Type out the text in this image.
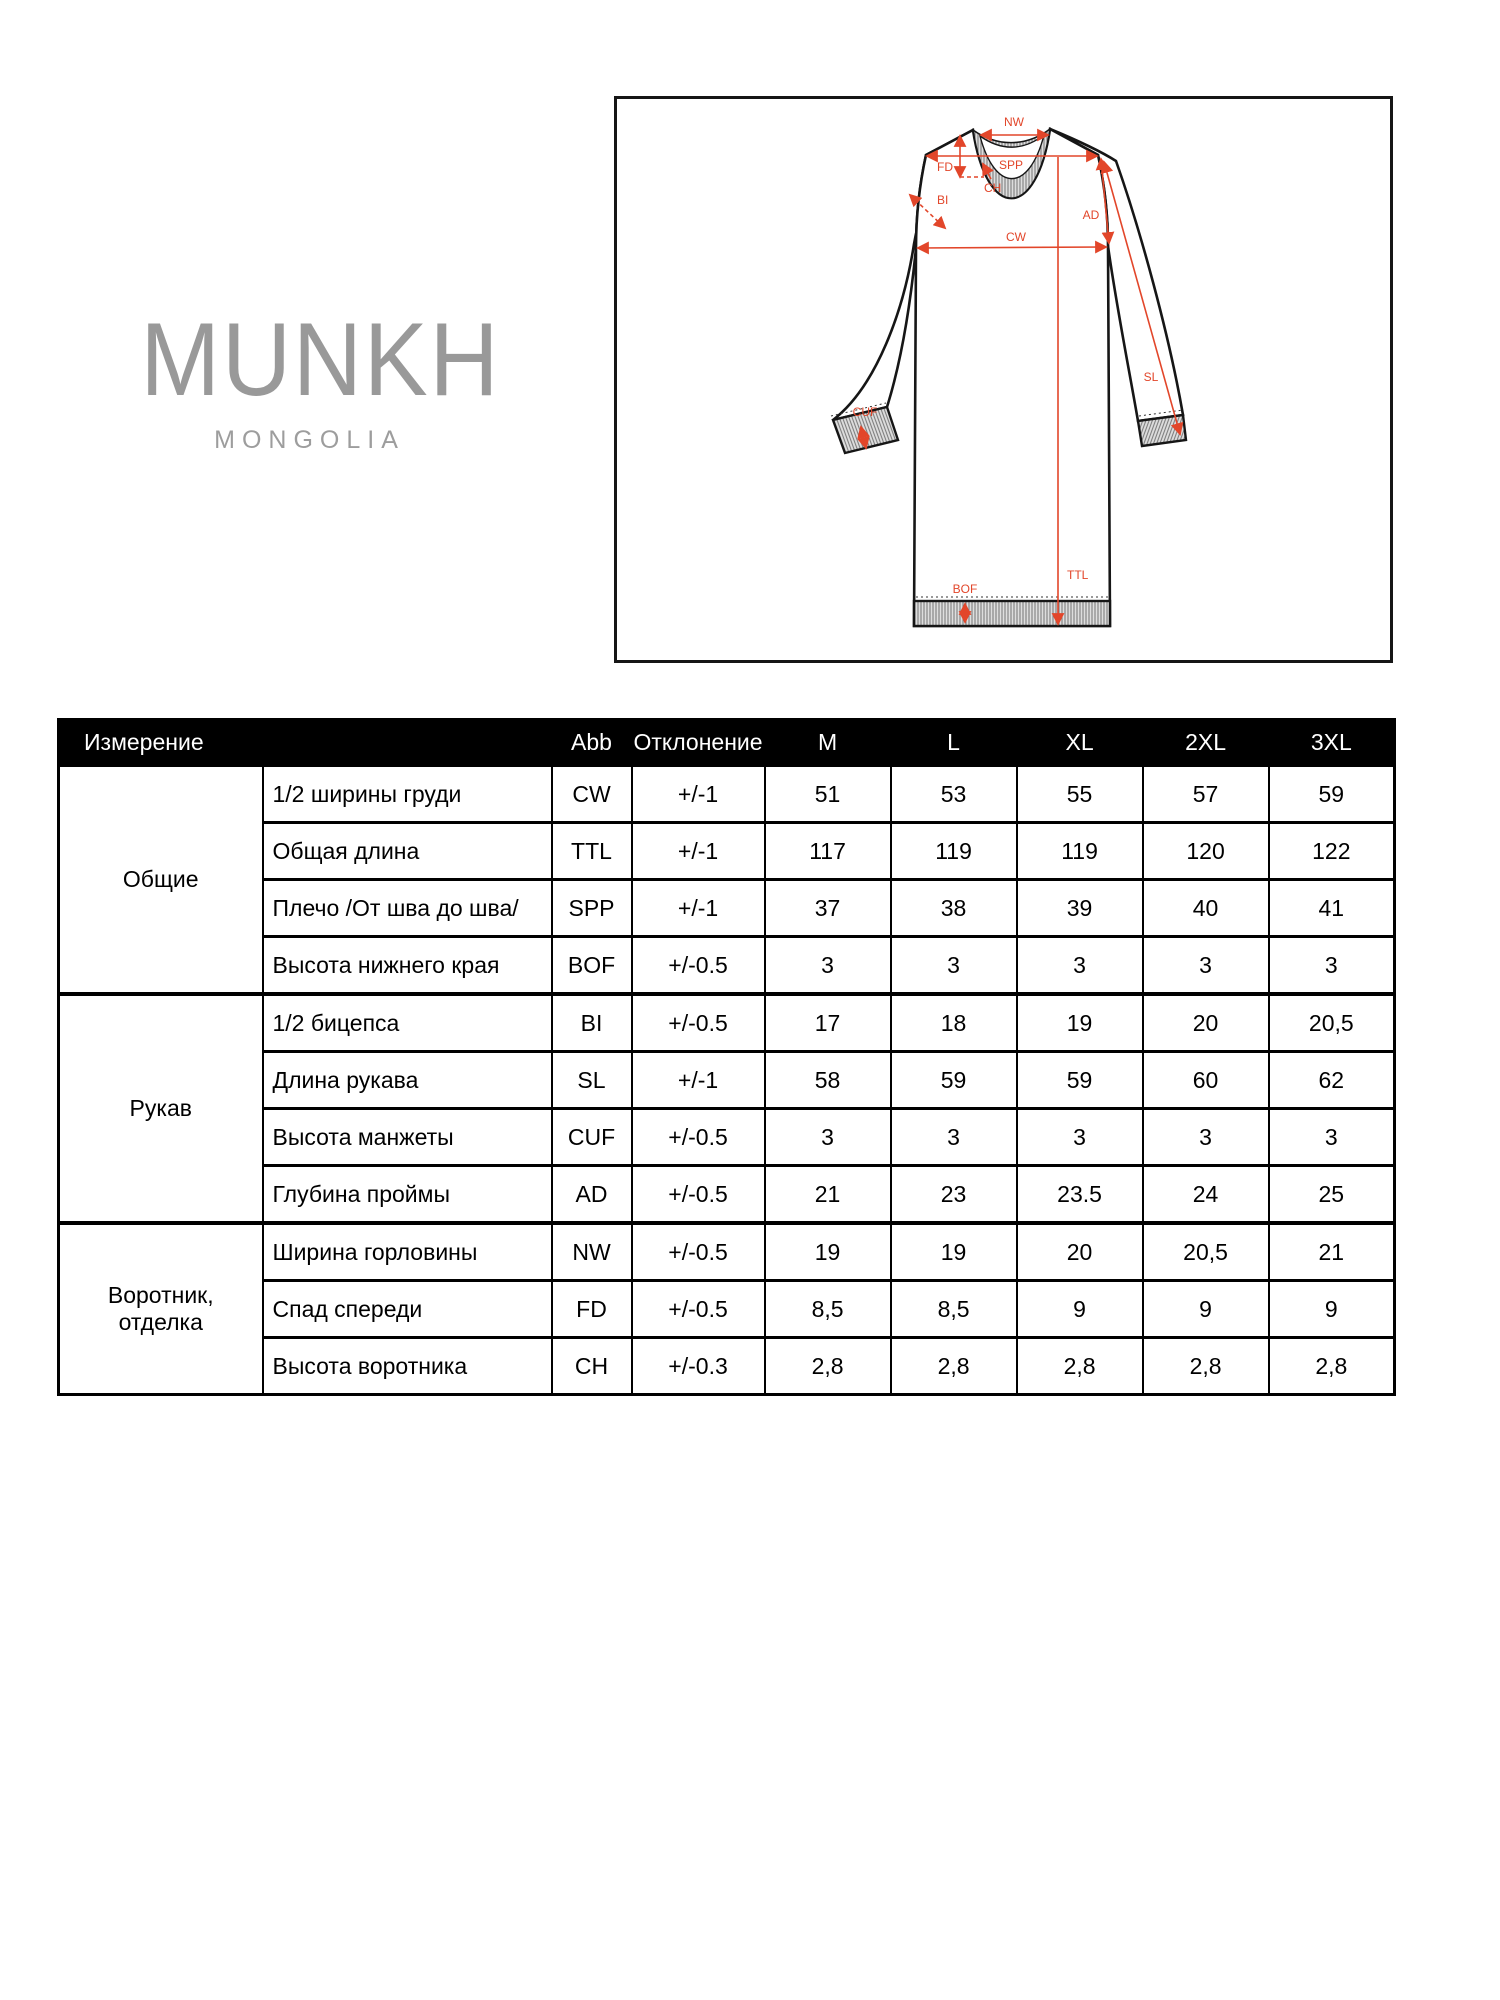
MUNKH
MONGOLIA
NW
SPP
FD
CH
BI
CW
AD
SL
TTL
BOF
CUF
Измерение		Abb	Отклонение	M	L	XL	2XL	3XL
Общие	1/2 ширины груди	CW	+/-1	51	53	55	57	59
	Общая длина	TTL	+/-1	117	119	119	120	122
	Плечо /От шва до шва/	SPP	+/-1	37	38	39	40	41
	Высота нижнего края	BOF	+/-0.5	3	3	3	3	3
Рукав	1/2 бицепса	BI	+/-0.5	17	18	19	20	20,5
	Длина рукава	SL	+/-1	58	59	59	60	62
	Высота манжеты	CUF	+/-0.5	3	3	3	3	3
	Глубина проймы	AD	+/-0.5	21	23	23.5	24	25
Воротник, отделка	Ширина горловины	NW	+/-0.5	19	19	20	20,5	21
	Спад спереди	FD	+/-0.5	8,5	8,5	9	9	9
	Высота воротника	CH	+/-0.3	2,8	2,8	2,8	2,8	2,8
